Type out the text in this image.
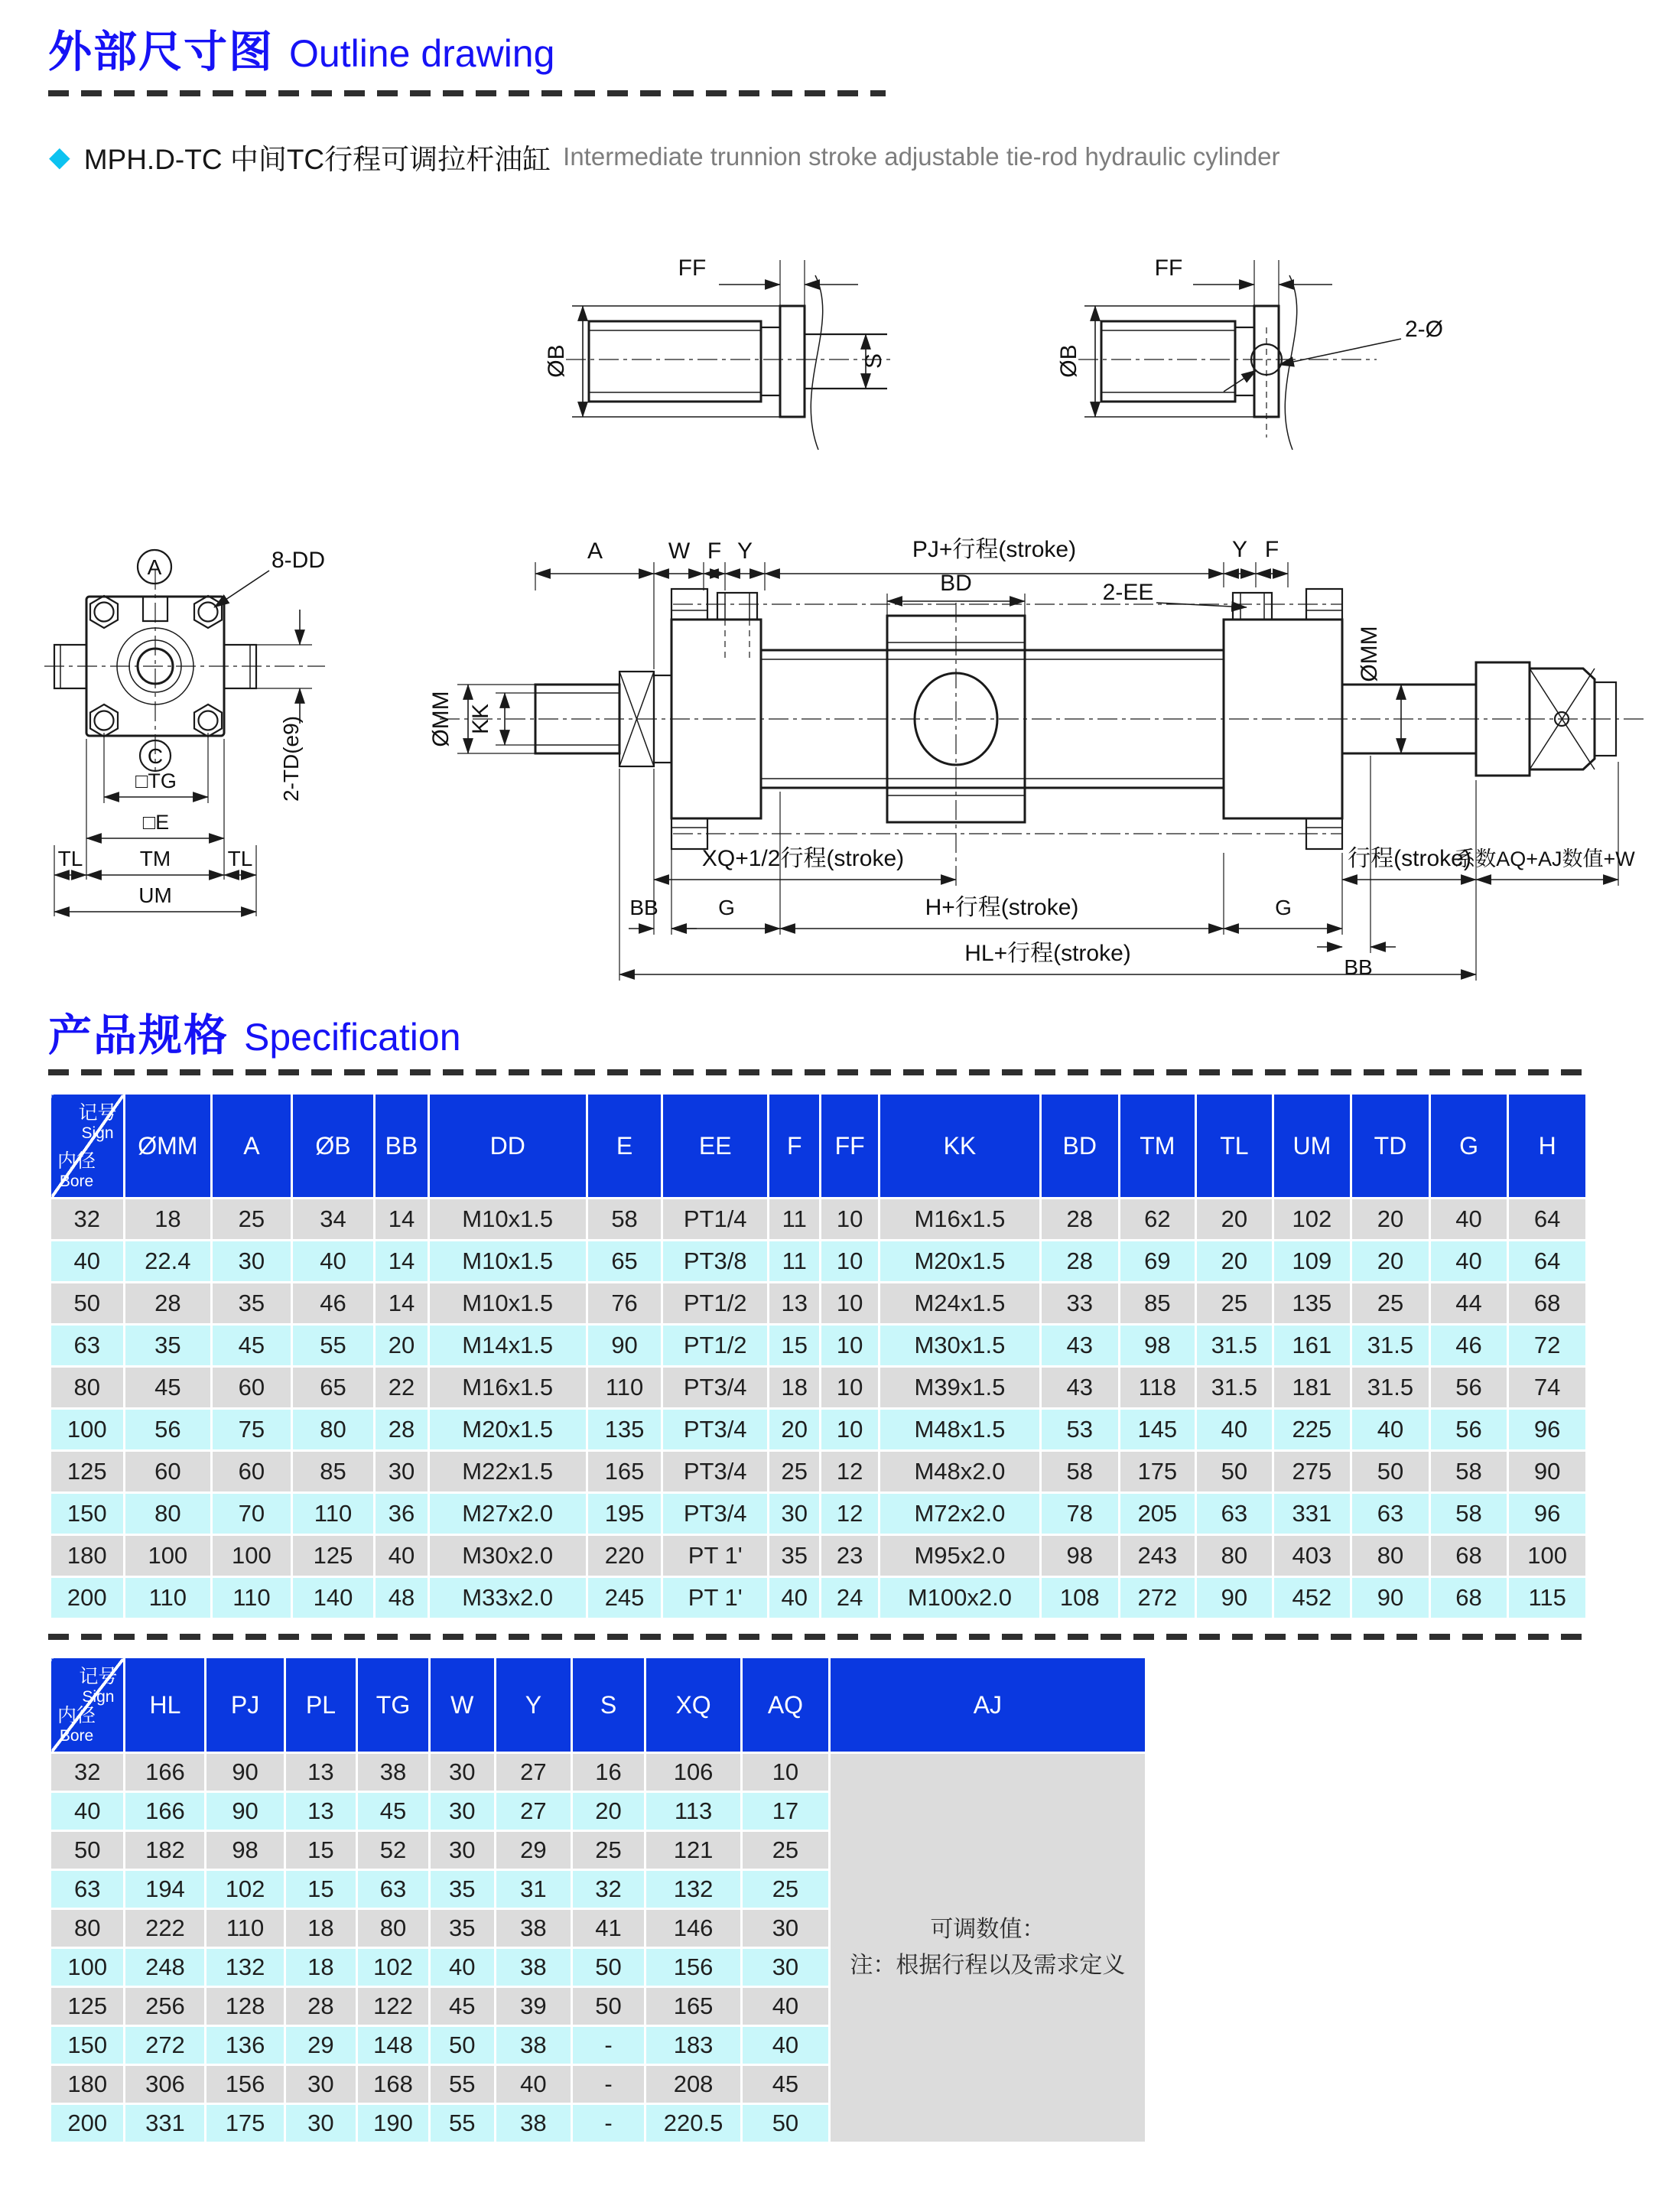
外部尺寸图 Outline drawing
◆ MPH.D-TC 中间TC行程可调拉杆油缸 Intermediate trunnion stroke adjustable tie-rod hydraulic cylinder
FF
ØB	S
FF
ØB
2-Ø
A	8-DD
2-TD(e9)
C
□TG
□E
TL	TM	TL
UM
ØMM KK
BD	2-EE
ØMM
A	W F Y	PJ+行程(stroke)	Y F
XQ+1/2行程(stroke)	行程(stroke)
系数AQ+AJ数值+W
BB	G	H+行程(stroke)	G
BB
HL+行程(stroke)
产品规格 Specification
记号
Sign
内径
Bore	ØMM	A	ØB	BB	DD	E	EE	F	FF	KK	BD	TM	TL	UM	TD	G	H
32	18	25	34	14	M10x1.5	58	PT1/4	11	10	M16x1.5	28	62	20	102	20	40	64
40	22.4	30	40	14	M10x1.5	65	PT3/8	11	10	M20x1.5	28	69	20	109	20	40	64
50	28	35	46	14	M10x1.5	76	PT1/2	13	10	M24x1.5	33	85	25	135	25	44	68
63	35	45	55	20	M14x1.5	90	PT1/2	15	10	M30x1.5	43	98	31.5	161	31.5	46	72
80	45	60	65	22	M16x1.5	110	PT3/4	18	10	M39x1.5	43	118	31.5	181	31.5	56	74
100	56	75	80	28	M20x1.5	135	PT3/4	20	10	M48x1.5	53	145	40	225	40	56	96
125	60	60	85	30	M22x1.5	165	PT3/4	25	12	M48x2.0	58	175	50	275	50	58	90
150	80	70	110	36	M27x2.0	195	PT3/4	30	12	M72x2.0	78	205	63	331	63	58	96
180	100	100	125	40	M30x2.0	220	PT 1'	35	23	M95x2.0	98	243	80	403	80	68	100
200	110	110	140	48	M33x2.0	245	PT 1'	40	24	M100x2.0	108	272	90	452	90	68	115
记号
Sign
内径
Bore	HL	PJ	PL	TG	W	Y	S	XQ	AQ	AJ
32	166	90	13	38	30	27	16	106	10	可调数值：
注：根据行程以及需求定义

40	166	90	13	45	30	27	20	113	17	
50	182	98	15	52	30	29	25	121	25	
63	194	102	15	63	35	31	32	132	25	
80	222	110	18	80	35	38	41	146	30	
100	248	132	18	102	40	38	50	156	30	
125	256	128	28	122	45	39	50	165	40	
150	272	136	29	148	50	38	-	183	40	
180	306	156	30	168	55	40	-	208	45	
200	331	175	30	190	55	38	-	220.5	50	
